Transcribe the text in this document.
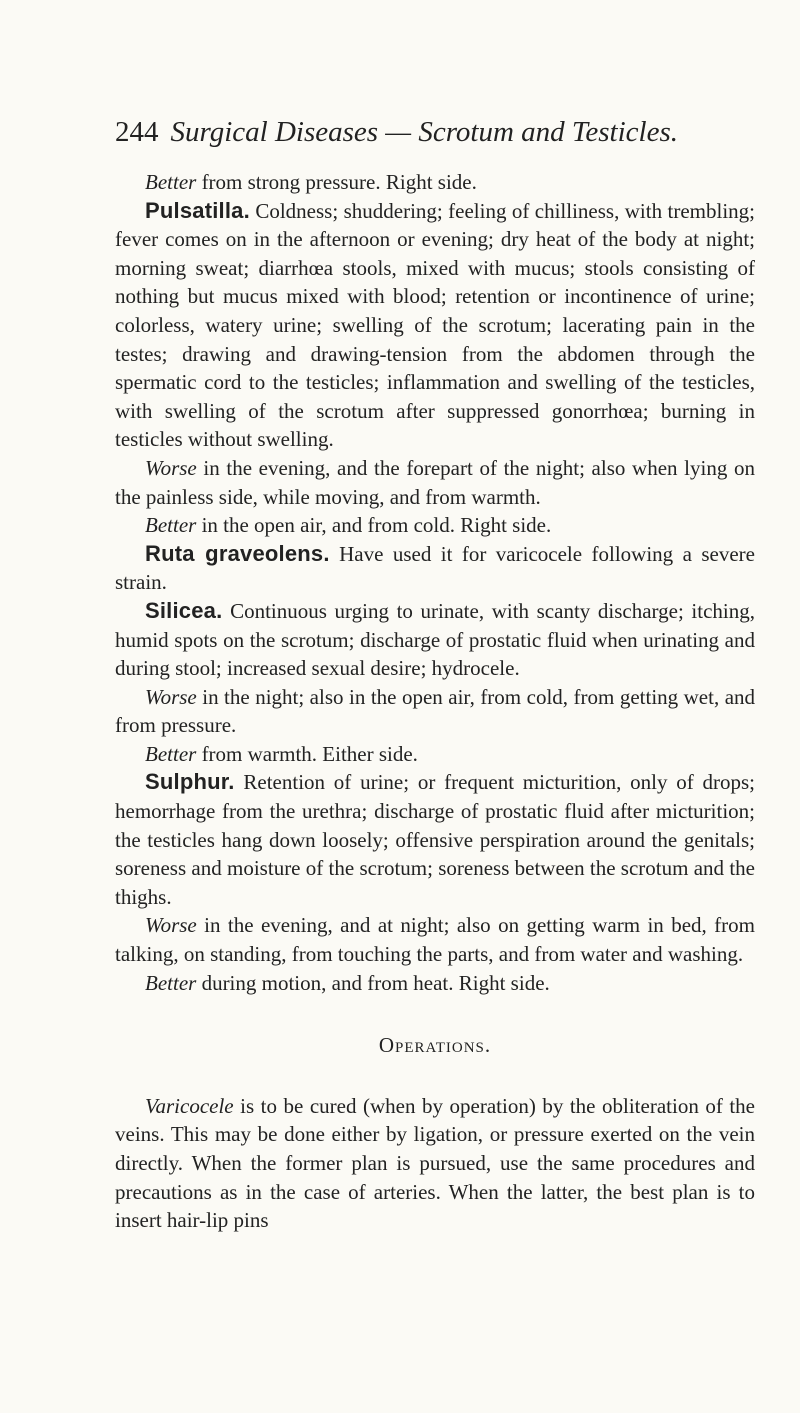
244 Surgical Diseases — Scrotum and Testicles.

Better from strong pressure. Right side.

Pulsatilla. Coldness; shuddering; feeling of chilliness, with trembling; fever comes on in the afternoon or evening; dry heat of the body at night; morning sweat; diarrhœa stools, mixed with mucus; stools consisting of nothing but mucus mixed with blood; retention or incontinence of urine; colorless, watery urine; swelling of the scrotum; lacerating pain in the testes; drawing and drawing-tension from the abdomen through the spermatic cord to the testicles; inflammation and swelling of the testicles, with swelling of the scrotum after suppressed gonorrhœa; burning in testicles without swelling.

Worse in the evening, and the forepart of the night; also when lying on the painless side, while moving, and from warmth.

Better in the open air, and from cold. Right side.

Ruta graveolens. Have used it for varicocele following a severe strain.

Silicea. Continuous urging to urinate, with scanty discharge; itching, humid spots on the scrotum; discharge of prostatic fluid when urinating and during stool; increased sexual desire; hydrocele.

Worse in the night; also in the open air, from cold, from getting wet, and from pressure.

Better from warmth. Either side.

Sulphur. Retention of urine; or frequent micturition, only of drops; hemorrhage from the urethra; discharge of prostatic fluid after micturition; the testicles hang down loosely; offensive perspiration around the genitals; soreness and moisture of the scrotum; soreness between the scrotum and the thighs.

Worse in the evening, and at night; also on getting warm in bed, from talking, on standing, from touching the parts, and from water and washing.

Better during motion, and from heat. Right side.

Operations.

Varicocele is to be cured (when by operation) by the obliteration of the veins. This may be done either by ligation, or pressure exerted on the vein directly. When the former plan is pursued, use the same procedures and precautions as in the case of arteries. When the latter, the best plan is to insert hair-lip pins
